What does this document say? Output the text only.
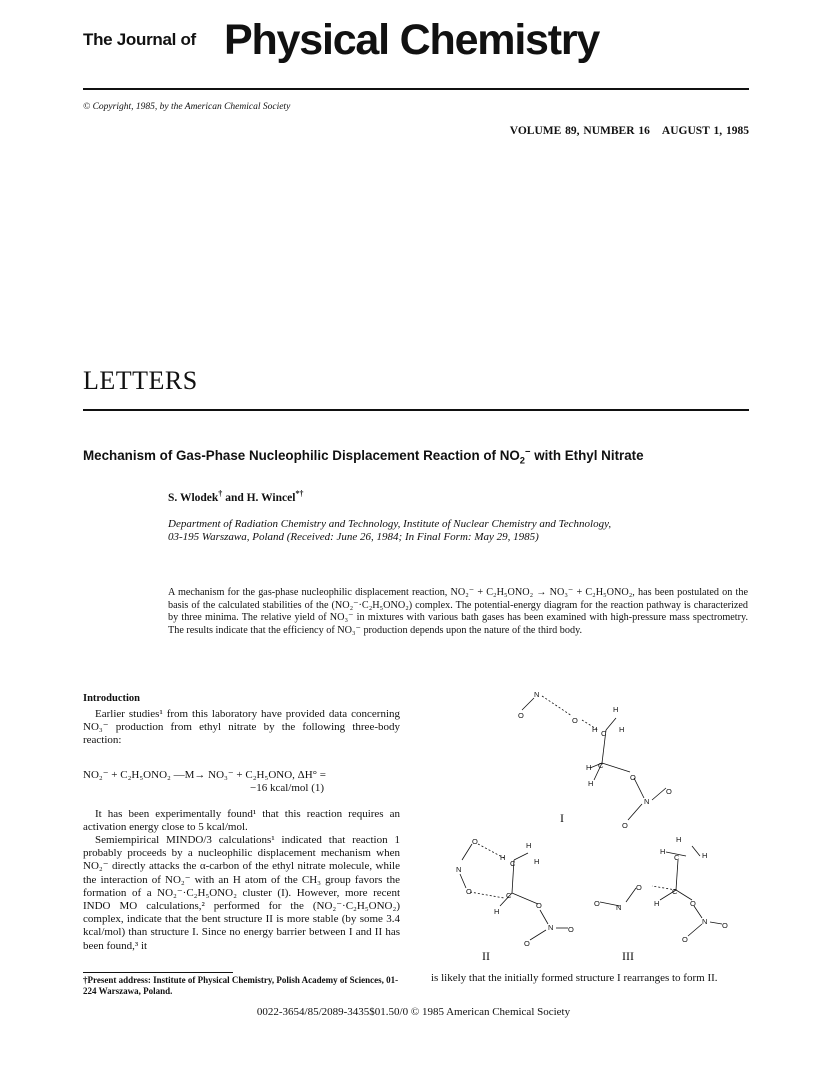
The Journal of Physical Chemistry
© Copyright, 1985, by the American Chemical Society
VOLUME 89, NUMBER 16 AUGUST 1, 1985
LETTERS
Mechanism of Gas-Phase Nucleophilic Displacement Reaction of $NO_2^-$ with Ethyl Nitrate
S. Wlodek† and H. Wincel*†
Department of Radiation Chemistry and Technology, Institute of Nuclear Chemistry and Technology,
03-195 Warszawa, Poland (Received: June 26, 1984; In Final Form: May 29, 1985)
A mechanism for the gas-phase nucleophilic displacement reaction, NO₂⁻ + C₂H₅ONO₂ → NO₃⁻ + C₂H₅ONO₂, has been postulated on the basis of the calculated stabilities of the (NO₂⁻·C₂H₅ONO₂) complex. The potential-energy diagram for the reaction pathway is characterized by three minima. The relative yield of NO₃⁻ in mixtures with various bath gases has been examined with high-pressure mass spectrometry. The results indicate that the efficiency of NO₃⁻ production depends upon the nature of the third body.
Introduction
Earlier studies¹ from this laboratory have provided data concerning NO₃⁻ production from ethyl nitrate by the following three-body reaction:
NO₂⁻ + C₂H₅ONO₂ —M→ NO₃⁻ + C₂H₅ONO, ΔH° =
−16 kcal/mol (1)
It has been experimentally found¹ that this reaction requires an activation energy close to 5 kcal/mol.
Semiempirical MINDO/3 calculations¹ indicated that reaction 1 probably proceeds by a nucleophilic displacement mechanism when NO₂⁻ directly attacks the α-carbon of the ethyl nitrate molecule, while the interaction of NO₂⁻ with an H atom of the CH₃ group favors the formation of a NO₂⁻·C₂H₅ONO₂ cluster (I). However, more recent INDO MO calculations,² performed for the (NO₂⁻·C₂H₅ONO₂) complex, indicate that the bent structure II is more stable (by some 3.4 kcal/mol) than structure I. Since no energy barrier between I and II has been found,³ it
†Present address: Institute of Physical Chemistry, Polish Academy of Sciences, 01-224 Warszawa, Poland.
is likely that the initially formed structure I rearranges to form II.
O
N
O
H C
H
H
H
H
C
O
N
O
O
I
O
N
O
H
C
H
H
C
H
O
N
O
O
II
H
H	H
C
O
N
O
C
H	O
N
O
O
III
0022-3654/85/2089-3435$01.50/0 © 1985 American Chemical Society
